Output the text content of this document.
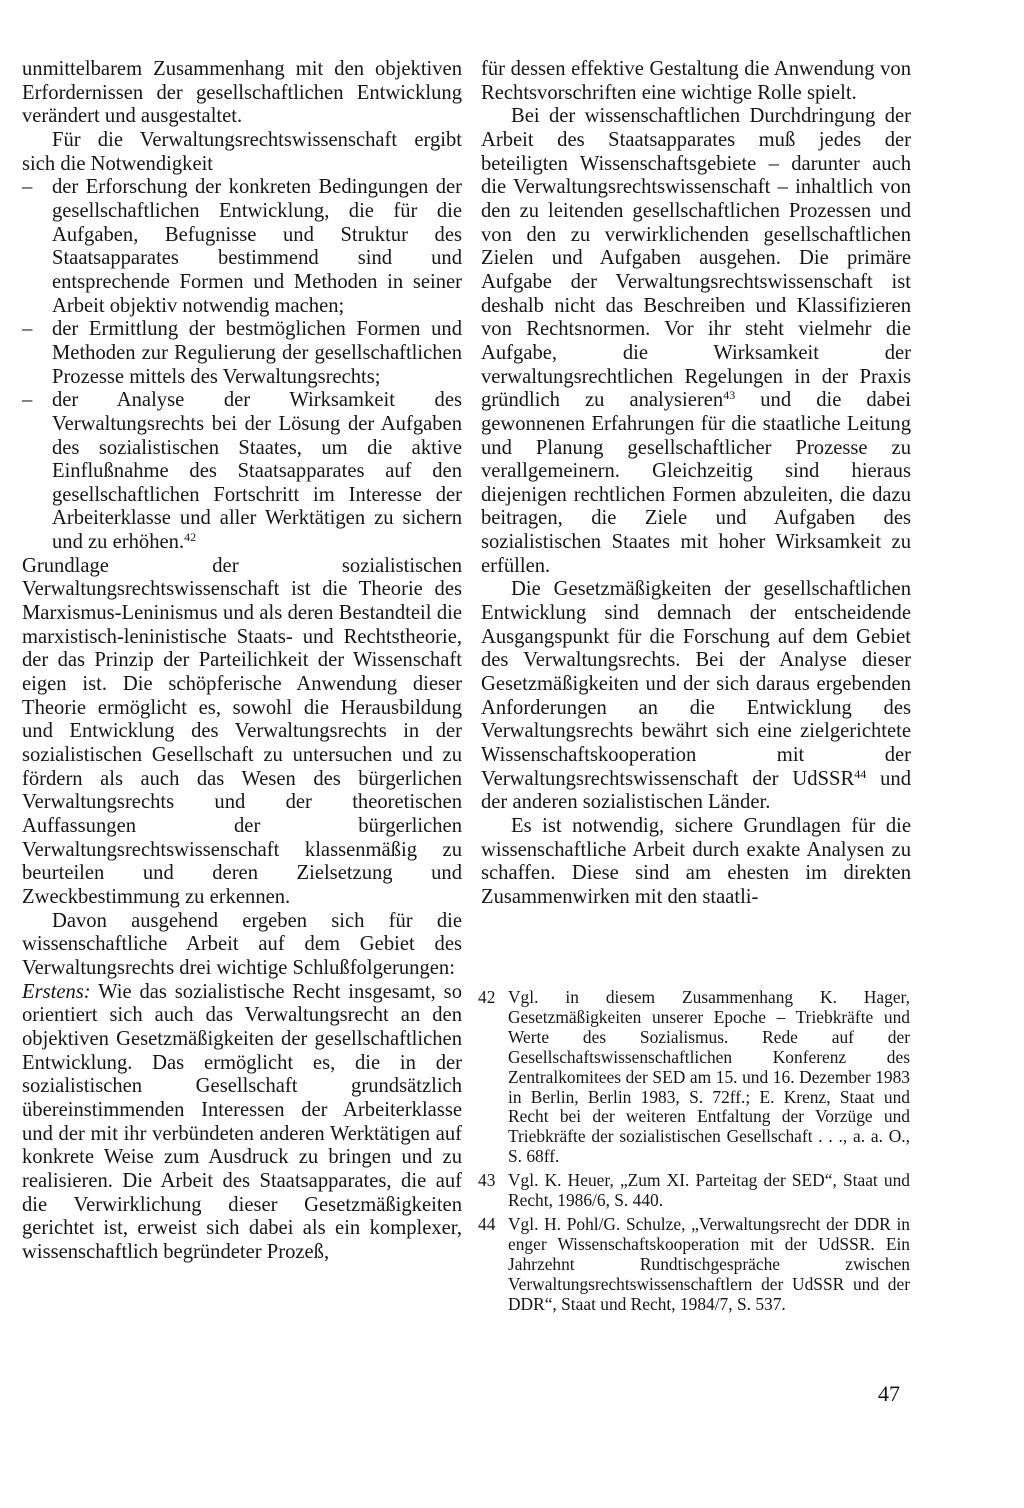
unmittelbarem Zusammenhang mit den objektiven Erfordernissen der gesellschaftlichen Entwicklung verändert und ausgestaltet.

Für die Verwaltungsrechtswissenschaft ergibt sich die Notwendigkeit

– der Erforschung der konkreten Bedingungen der gesellschaftlichen Entwicklung, die für die Aufgaben, Befugnisse und Struktur des Staatsapparates bestimmend sind und entsprechende Formen und Methoden in seiner Arbeit objektiv notwendig machen;
– der Ermittlung der bestmöglichen Formen und Methoden zur Regulierung der gesellschaftlichen Prozesse mittels des Verwaltungsrechts;
– der Analyse der Wirksamkeit des Verwaltungsrechts bei der Lösung der Aufgaben des sozialistischen Staates, um die aktive Einflußnahme des Staatsapparates auf den gesellschaftlichen Fortschritt im Interesse der Arbeiterklasse und aller Werktätigen zu sichern und zu erhöhen.$^{42}$

Grundlage der sozialistischen Verwaltungsrechtswissenschaft ist die Theorie des Marxismus-Leninismus und als deren Bestandteil die marxistisch-leninistische Staats- und Rechtstheorie, der das Prinzip der Parteilichkeit der Wissenschaft eigen ist. Die schöpferische Anwendung dieser Theorie ermöglicht es, sowohl die Herausbildung und Entwicklung des Verwaltungsrechts in der sozialistischen Gesellschaft zu untersuchen und zu fördern als auch das Wesen des bürgerlichen Verwaltungsrechts und der theoretischen Auffassungen der bürgerlichen Verwaltungsrechtswissenschaft klassenmäßig zu beurteilen und deren Zielsetzung und Zweckbestimmung zu erkennen.

Davon ausgehend ergeben sich für die wissenschaftliche Arbeit auf dem Gebiet des Verwaltungsrechts drei wichtige Schlußfolgerungen:

Erstens: Wie das sozialistische Recht insgesamt, so orientiert sich auch das Verwaltungsrecht an den objektiven Gesetzmäßigkeiten der gesellschaftlichen Entwicklung. Das ermöglicht es, die in der sozialistischen Gesellschaft grundsätzlich übereinstimmenden Interessen der Arbeiterklasse und der mit ihr verbündeten anderen Werktätigen auf konkrete Weise zum Ausdruck zu bringen und zu realisieren. Die Arbeit des Staatsapparates, die auf die Verwirklichung dieser Gesetzmäßigkeiten gerichtet ist, erweist sich dabei als ein komplexer, wissenschaftlich begründeter Prozeß,

für dessen effektive Gestaltung die Anwendung von Rechtsvorschriften eine wichtige Rolle spielt.

Bei der wissenschaftlichen Durchdringung der Arbeit des Staatsapparates muß jedes der beteiligten Wissenschaftsgebiete – darunter auch die Verwaltungsrechtswissenschaft – inhaltlich von den zu leitenden gesellschaftlichen Prozessen und von den zu verwirklichenden gesellschaftlichen Zielen und Aufgaben ausgehen. Die primäre Aufgabe der Verwaltungsrechtswissenschaft ist deshalb nicht das Beschreiben und Klassifizieren von Rechtsnormen. Vor ihr steht vielmehr die Aufgabe, die Wirksamkeit der verwaltungsrechtlichen Regelungen in der Praxis gründlich zu analysieren$^{43}$ und die dabei gewonnenen Erfahrungen für die staatliche Leitung und Planung gesellschaftlicher Prozesse zu verallgemeinern. Gleichzeitig sind hieraus diejenigen rechtlichen Formen abzuleiten, die dazu beitragen, die Ziele und Aufgaben des sozialistischen Staates mit hoher Wirksamkeit zu erfüllen.

Die Gesetzmäßigkeiten der gesellschaftlichen Entwicklung sind demnach der entscheidende Ausgangspunkt für die Forschung auf dem Gebiet des Verwaltungsrechts. Bei der Analyse dieser Gesetzmäßigkeiten und der sich daraus ergebenden Anforderungen an die Entwicklung des Verwaltungsrechts bewährt sich eine zielgerichtete Wissenschaftskooperation mit der Verwaltungsrechtswissenschaft der UdSSR$^{44}$ und der anderen sozialistischen Länder.

Es ist notwendig, sichere Grundlagen für die wissenschaftliche Arbeit durch exakte Analysen zu schaffen. Diese sind am ehesten im direkten Zusammenwirken mit den staatli-

42 Vgl. in diesem Zusammenhang K. Hager, Gesetzmäßigkeiten unserer Epoche – Triebkräfte und Werte des Sozialismus. Rede auf der Gesellschaftswissenschaftlichen Konferenz des Zentralkomitees der SED am 15. und 16. Dezember 1983 in Berlin, Berlin 1983, S. 72ff.; E. Krenz, Staat und Recht bei der weiteren Entfaltung der Vorzüge und Triebkräfte der sozialistischen Gesellschaft . . ., a. a. O., S. 68ff.

43 Vgl. K. Heuer, „Zum XI. Parteitag der SED“, Staat und Recht, 1986/6, S. 440.

44 Vgl. H. Pohl/G. Schulze, „Verwaltungsrecht der DDR in enger Wissenschaftskooperation mit der UdSSR. Ein Jahrzehnt Rundtischgespräche zwischen Verwaltungsrechtswissenschaftlern der UdSSR und der DDR“, Staat und Recht, 1984/7, S. 537.

47
